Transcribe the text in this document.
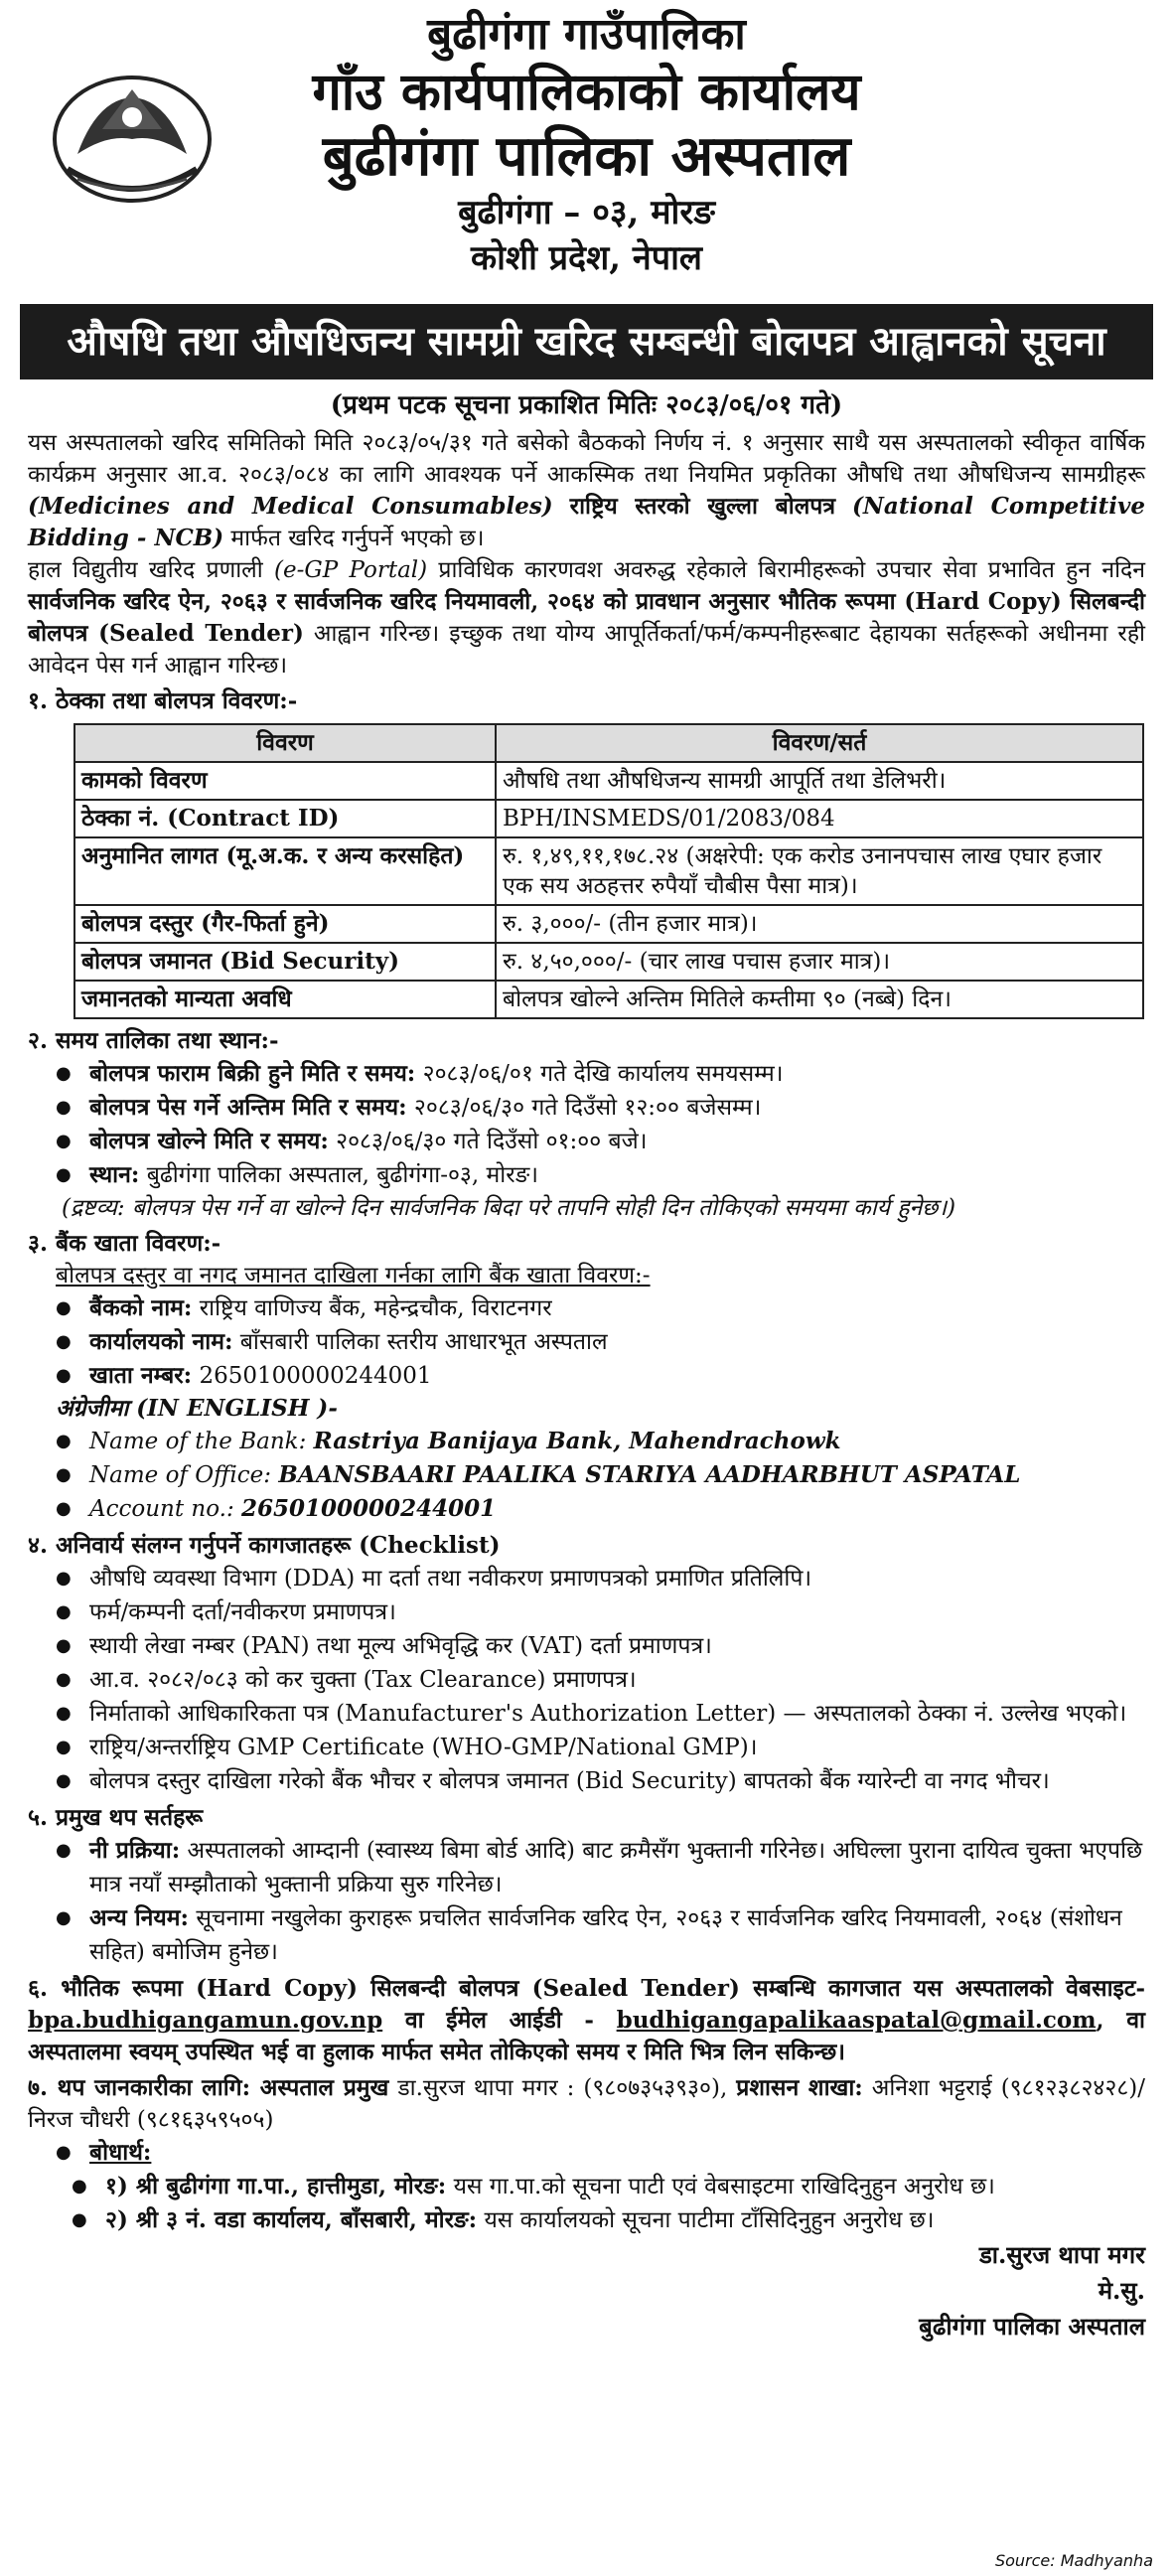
बुढीगंगा गाउँपालिका
गाँउ कार्यपालिकाको कार्यालय
बुढीगंगा पालिका अस्पताल
बुढीगंगा – ०३, मोरङ
कोशी प्रदेश, नेपाल
औषधि तथा औषधिजन्य सामग्री खरिद सम्बन्धी बोलपत्र आह्वानको सूचना
(प्रथम पटक सूचना प्रकाशित मितिः २०८३/०६/०१ गते)

यस अस्पतालको खरिद समितिको मिति २०८३/०५/३१ गते बसेको बैठकको निर्णय नं. १ अनुसार साथै यस अस्पतालको स्वीकृत वार्षिक कार्यक्रम अनुसार आ.व. २०८३/०८४ का लागि आवश्यक पर्ने आकस्मिक तथा नियमित प्रकृतिका औषधि तथा औषधिजन्य सामग्रीहरू (Medicines and Medical Consumables) राष्ट्रिय स्तरको खुल्ला बोलपत्र (National Competitive Bidding - NCB) मार्फत खरिद गर्नुपर्ने भएको छ।

हाल विद्युतीय खरिद प्रणाली (e-GP Portal) प्राविधिक कारणवश अवरुद्ध रहेकाले बिरामीहरूको उपचार सेवा प्रभावित हुन नदिन सार्वजनिक खरिद ऐन, २०६३ र सार्वजनिक खरिद नियमावली, २०६४ को प्रावधान अनुसार भौतिक रूपमा (Hard Copy) सिलबन्दी बोलपत्र (Sealed Tender) आह्वान गरिन्छ। इच्छुक तथा योग्य आपूर्तिकर्ता/फर्म/कम्पनीहरूबाट देहायका सर्तहरूको अधीनमा रही आवेदन पेस गर्न आह्वान गरिन्छ।

१. ठेक्का तथा बोलपत्र विवरण:-
विवरण	विवरण/सर्त
कामको विवरण	औषधि तथा औषधिजन्य सामग्री आपूर्ति तथा डेलिभरी।
ठेक्का नं. (Contract ID)	BPH/INSMEDS/01/2083/084
अनुमानित लागत (मू.अ.क. र अन्य करसहित)	रु. १,४९,११,१७८.२४ (अक्षरेपी: एक करोड उनानपचास लाख एघार हजार एक सय अठहत्तर रुपैयाँ चौबीस पैसा मात्र)।
बोलपत्र दस्तुर (गैर-फिर्ता हुने)	रु. ३,०००/- (तीन हजार मात्र)।
बोलपत्र जमानत (Bid Security)	रु. ४,५०,०००/- (चार लाख पचास हजार मात्र)।
जमानतको मान्यता अवधि	बोलपत्र खोल्ने अन्तिम मितिले कम्तीमा ९० (नब्बे) दिन।
२. समय तालिका तथा स्थान:-
● बोलपत्र फाराम बिक्री हुने मिति र समय: २०८३/०६/०१ गते देखि कार्यालय समयसम्म।
● बोलपत्र पेस गर्ने अन्तिम मिति र समय: २०८३/०६/३० गते दिउँसो १२:०० बजेसम्म।
● बोलपत्र खोल्ने मिति र समय: २०८३/०६/३० गते दिउँसो ०१:०० बजे।
● स्थान: बुढीगंगा पालिका अस्पताल, बुढीगंगा-०३, मोरङ।
(द्रष्टव्य: बोलपत्र पेस गर्ने वा खोल्ने दिन सार्वजनिक बिदा परे तापनि सोही दिन तोकिएको समयमा कार्य हुनेछ।)
३. बैंक खाता विवरण:-
बोलपत्र दस्तुर वा नगद जमानत दाखिला गर्नका लागि बैंक खाता विवरण:-
● बैंकको नाम: राष्ट्रिय वाणिज्य बैंक, महेन्द्रचौक, विराटनगर
● कार्यालयको नाम: बाँसबारी पालिका स्तरीय आधारभूत अस्पताल
● खाता नम्बर: 2650100000244001
अंग्रेजीमा (IN ENGLISH )-
● Name of the Bank: Rastriya Banijaya Bank, Mahendrachowk
● Name of Office: BAANSBAARI PAALIKA STARIYA AADHARBHUT ASPATAL
● Account no.: 2650100000244001
४. अनिवार्य संलग्न गर्नुपर्ने कागजातहरू (Checklist)
● औषधि व्यवस्था विभाग (DDA) मा दर्ता तथा नवीकरण प्रमाणपत्रको प्रमाणित प्रतिलिपि।
● फर्म/कम्पनी दर्ता/नवीकरण प्रमाणपत्र।
● स्थायी लेखा नम्बर (PAN) तथा मूल्य अभिवृद्धि कर (VAT) दर्ता प्रमाणपत्र।
● आ.व. २०८२/०८३ को कर चुक्ता (Tax Clearance) प्रमाणपत्र।
● निर्माताको आधिकारिकता पत्र (Manufacturer's Authorization Letter) — अस्पतालको ठेक्का नं. उल्लेख भएको।
● राष्ट्रिय/अन्तर्राष्ट्रिय GMP Certificate (WHO-GMP/National GMP)।
● बोलपत्र दस्तुर दाखिला गरेको बैंक भौचर र बोलपत्र जमानत (Bid Security) बापतको बैंक ग्यारेन्टी वा नगद भौचर।
५. प्रमुख थप सर्तहरू
● नी प्रक्रिया: अस्पतालको आम्दानी (स्वास्थ्य बिमा बोर्ड आदि) बाट क्रमैसँग भुक्तानी गरिनेछ। अघिल्ला पुराना दायित्व चुक्ता भएपछि मात्र नयाँ सम्झौताको भुक्तानी प्रक्रिया सुरु गरिनेछ।
● अन्य नियम: सूचनामा नखुलेका कुराहरू प्रचलित सार्वजनिक खरिद ऐन, २०६३ र सार्वजनिक खरिद नियमावली, २०६४ (संशोधन सहित) बमोजिम हुनेछ।

६. भौतिक रूपमा (Hard Copy) सिलबन्दी बोलपत्र (Sealed Tender) सम्बन्धि कागजात यस अस्पतालको वेबसाइट- bpa.budhigangamun.gov.np वा ईमेल आईडी - budhigangapalikaaspatal@gmail.com, वा अस्पतालमा स्वयम् उपस्थित भई वा हुलाक मार्फत समेत तोकिएको समय र मिति भित्र लिन सकिन्छ।

७. थप जानकारीका लागि: अस्पताल प्रमुख डा.सुरज थापा मगर : (९८०७३५३९३०), प्रशासन शाखा: अनिशा भट्टराई (९८१२३८२४२८)/ निरज चौधरी (९८१६३५९५०५)

● बोधार्थ:
● १) श्री बुढीगंगा गा.पा., हात्तीमुडा, मोरङ: यस गा.पा.को सूचना पाटी एवं वेबसाइटमा राखिदिनुहुन अनुरोध छ।
● २) श्री ३ नं. वडा कार्यालय, बाँसबारी, मोरङ: यस कार्यालयको सूचना पाटीमा टाँसिदिनुहुन अनुरोध छ।
डा.सुरज थापा मगर
मे.सु.
बुढीगंगा पालिका अस्पताल
Source: Madhyanha
